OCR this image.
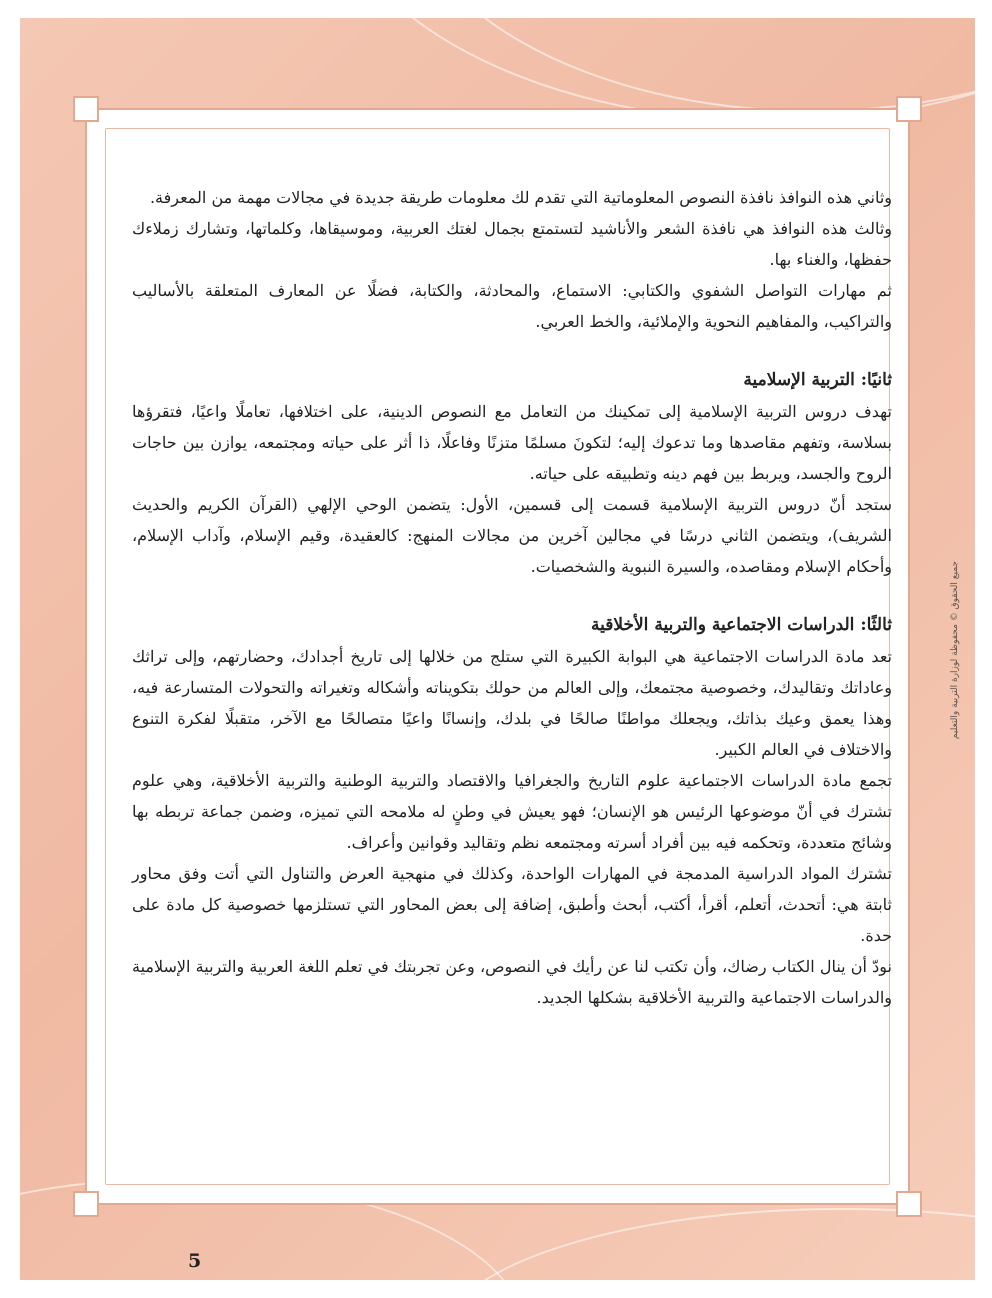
وثاني هذه النوافذ نافذة النصوص المعلوماتية التي تقدم لك معلومات طريقة جديدة في مجالات مهمة من المعرفة.

وثالث هذه النوافذ هي نافذة الشعر والأناشيد لتستمتع بجمال لغتك العربية، وموسيقاها، وكلماتها، وتشارك زملاءك حفظها، والغناء بها.

ثم مهارات التواصل الشفوي والكتابي: الاستماع، والمحادثة، والكتابة، فضلًا عن المعارف المتعلقة بالأساليب والتراكيب، والمفاهيم النحوية والإملائية، والخط العربي.

ثانيًا: التربية الإسلامية

تهدف دروس التربية الإسلامية إلى تمكينك من التعامل مع النصوص الدينية، على اختلافها، تعاملًا واعيًا، فتقرؤها بسلاسة، وتفهم مقاصدها وما تدعوك إليه؛ لتكونَ مسلمًا متزنًا وفاعلًا، ذا أثر على حياته ومجتمعه، يوازن بين حاجات الروح والجسد، ويربط بين فهم دينه وتطبيقه على حياته.

ستجد أنّ دروس التربية الإسلامية قسمت إلى قسمين، الأول: يتضمن الوحي الإلهي (القرآن الكريم والحديث الشريف)، ويتضمن الثاني درسًا في مجالين آخرين من مجالات المنهج: كالعقيدة، وقيم الإسلام، وآداب الإسلام، وأحكام الإسلام ومقاصده، والسيرة النبوية والشخصيات.

ثالثًا: الدراسات الاجتماعية والتربية الأخلاقية

تعد مادة الدراسات الاجتماعية هي البوابة الكبيرة التي ستلج من خلالها إلى تاريخ أجدادك، وحضارتهم، وإلى تراثك وعاداتك وتقاليدك، وخصوصية مجتمعك، وإلى العالم من حولك بتكويناته وأشكاله وتغيراته والتحولات المتسارعة فيه، وهذا يعمق وعيك بذاتك، ويجعلك مواطنًا صالحًا في بلدك، وإنسانًا واعيًا متصالحًا مع الآخر، متقبلًا لفكرة التنوع والاختلاف في العالم الكبير.

تجمع مادة الدراسات الاجتماعية علوم التاريخ والجغرافيا والاقتصاد والتربية الوطنية والتربية الأخلاقية، وهي علوم تشترك في أنّ موضوعها الرئيس هو الإنسان؛ فهو يعيش في وطنٍ له ملامحه التي تميزه، وضمن جماعة تربطه بها وشائج متعددة، وتحكمه فيه بين أفراد أسرته ومجتمعه نظم وتقاليد وقوانين وأعراف.

تشترك المواد الدراسية المدمجة في المهارات الواحدة، وكذلك في منهجية العرض والتناول التي أتت وفق محاور ثابتة هي: أتحدث، أتعلم، أقرأ، أكتب، أبحث وأطبق، إضافة إلى بعض المحاور التي تستلزمها خصوصية كل مادة على حدة.

نودّ أن ينال الكتاب رضاك، وأن تكتب لنا عن رأيك في النصوص، وعن تجربتك في تعلم اللغة العربية والتربية الإسلامية والدراسات الاجتماعية والتربية الأخلاقية بشكلها الجديد.

5
جميع الحقوق © محفوظة لوزارة التربية والتعليم
